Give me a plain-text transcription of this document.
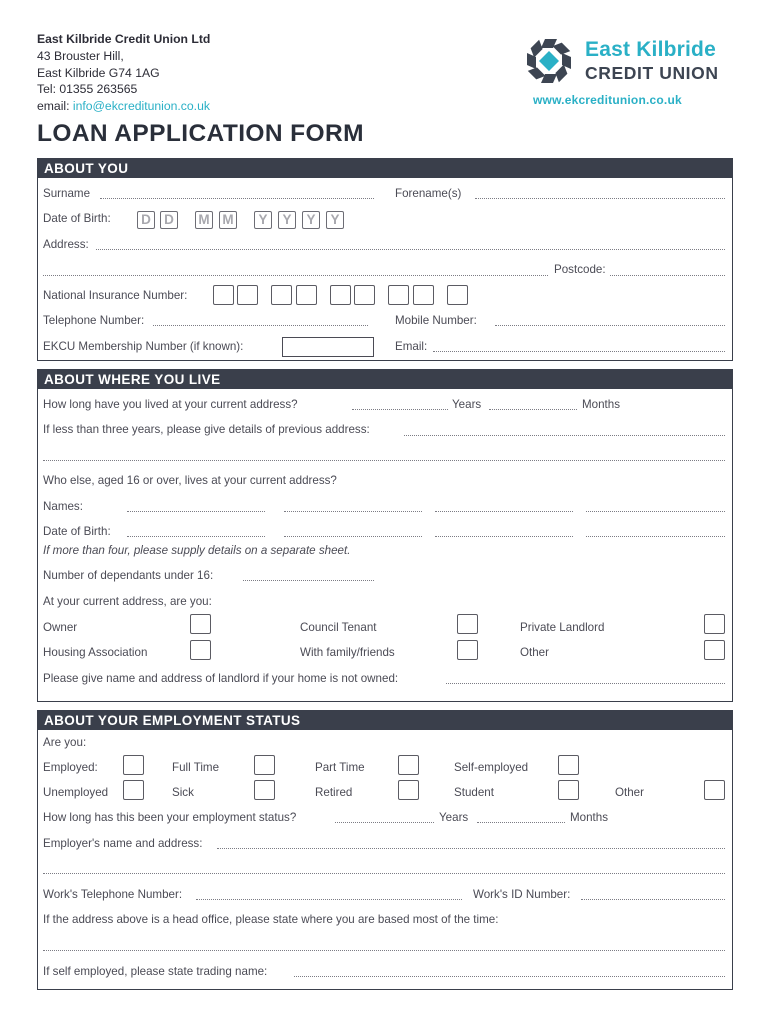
East Kilbride Credit Union Ltd
43 Brouster Hill,
East Kilbride G74 1AG
Tel: 01355 263565
email: info@ekcreditunion.co.uk
East Kilbride
CREDIT UNION
www.ekcreditunion.co.uk
LOAN APPLICATION FORM
ABOUT YOU
Surname	Forename(s)
Date of Birth:	D D	M M	Y	Y	Y	Y
Address:
Postcode:
National Insurance Number:
Telephone Number:	Mobile Number:
EKCU Membership Number (if known):	Email:
ABOUT WHERE YOU LIVE
How long have you lived at your current address?	Years	Months
If less than three years, please give details of previous address:
Who else, aged 16 or over, lives at your current address?
Names:
Date of Birth:
If more than four, please supply details on a separate sheet.
Number of dependants under 16:
At your current address, are you:
Owner	Council Tenant	Private Landlord
Housing Association	With family/friends	Other
Please give name and address of landlord if your home is not owned:
ABOUT YOUR EMPLOYMENT STATUS
Are you:
Employed:	Full Time	Part Time	Self-employed
Unemployed	Sick	Retired	Student	Other
How long has this been your employment status?	Years	Months
Employer's name and address:
Work's Telephone Number:	Work's ID Number:
If the address above is a head office, please state where you are based most of the time:
If self employed, please state trading name:
